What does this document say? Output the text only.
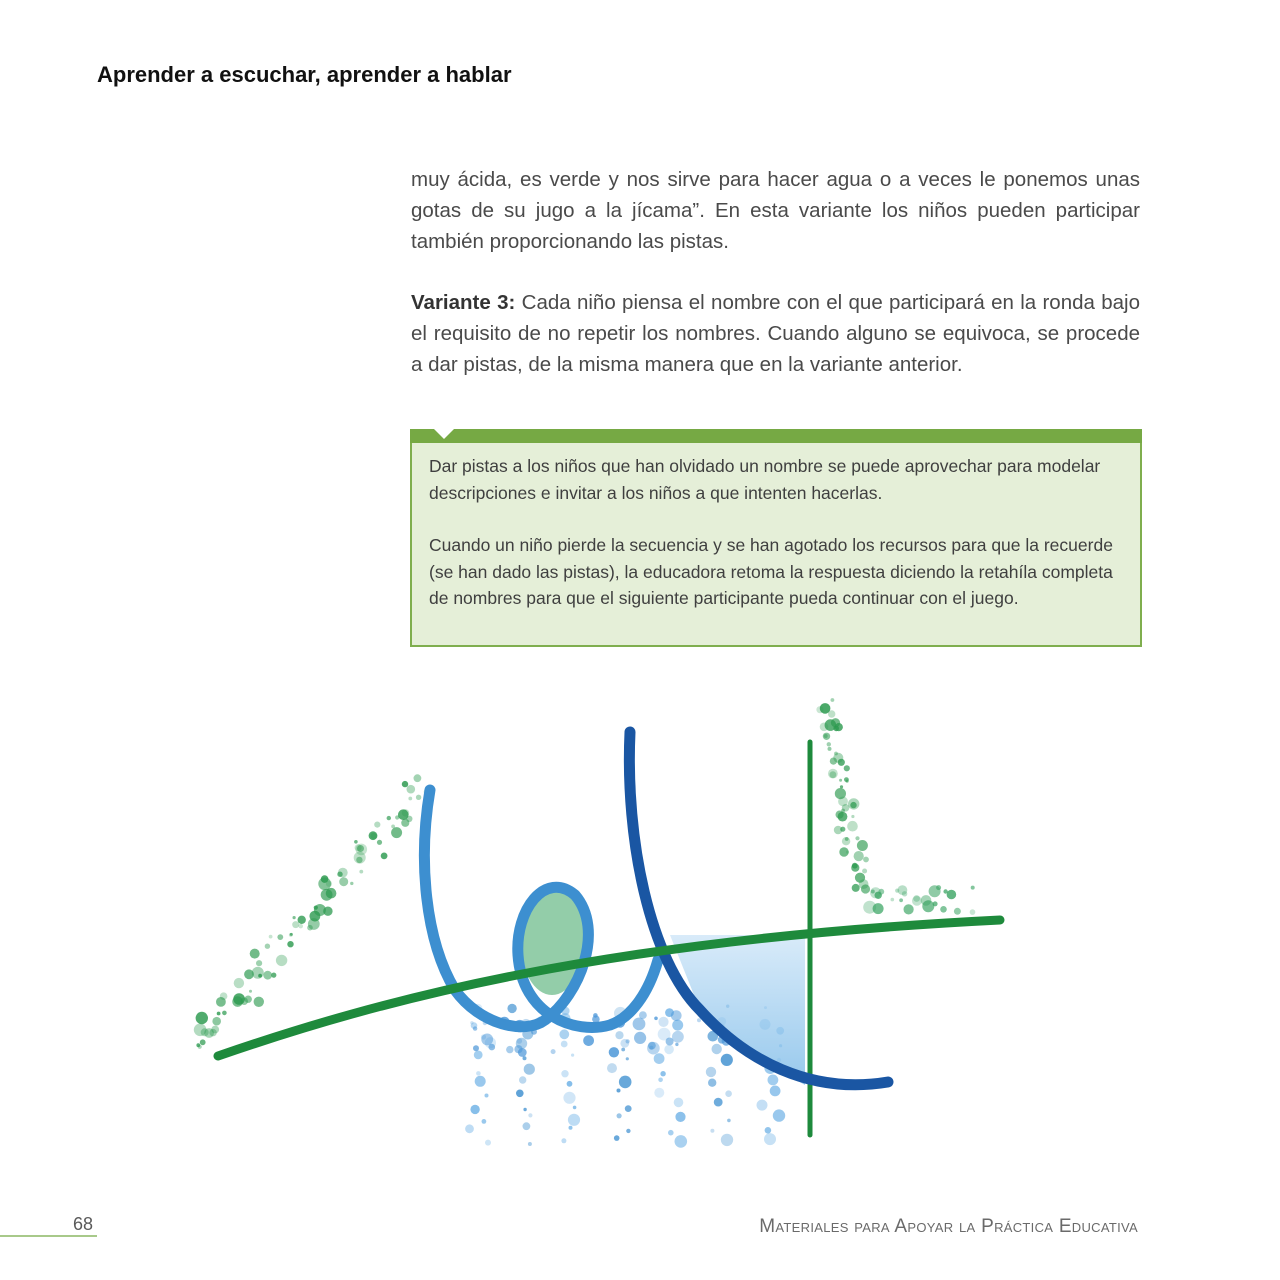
Aprender a escuchar, aprender a hablar

muy ácida, es verde y nos sirve para hacer agua o a veces le ponemos unas gotas de su jugo a la jícama”. En esta variante los niños pueden participar también proporcionando las pistas.

Variante 3: Cada niño piensa el nombre con el que participará en la ronda bajo el requisito de no repetir los nombres. Cuando alguno se equivoca, se procede a dar pistas, de la misma manera que en la variante anterior.

Dar pistas a los niños que han olvidado un nombre se puede aprovechar para modelar descripciones e invitar a los niños a que intenten hacerlas.

Cuando un niño pierde la secuencia y se han agotado los recursos para que la recuerde (se han dado las pistas), la educadora retoma la respuesta diciendo la retahíla completa de nombres para que el siguiente participante pueda continuar con el juego.

68	Materiales para Apoyar la Práctica Educativa
